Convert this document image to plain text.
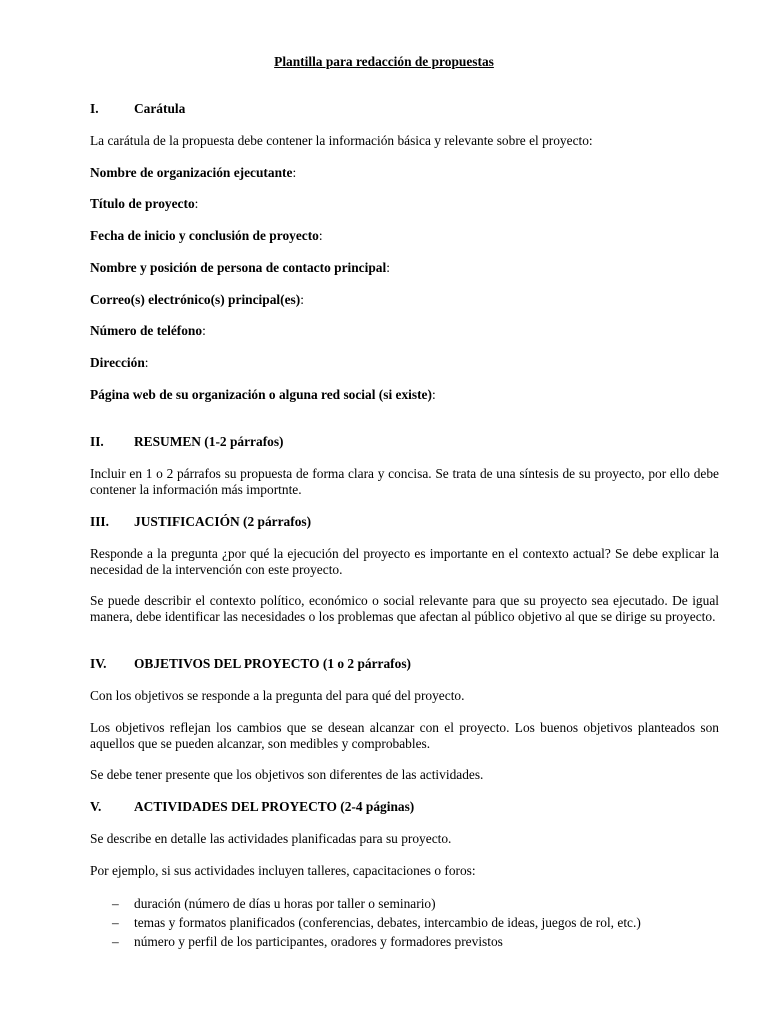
Plantilla para redacción de propuestas

I.	Carátula

La carátula de la propuesta debe contener la información básica y relevante sobre el proyecto:

Nombre de organización ejecutante:

Título de proyecto:

Fecha de inicio y conclusión de proyecto:

Nombre y posición de persona de contacto principal:

Correo(s) electrónico(s) principal(es):

Número de teléfono:

Dirección:

Página web de su organización o alguna red social (si existe):

II. RESUMEN (1-2 párrafos)

Incluir en 1 o 2 párrafos su propuesta de forma clara y concisa. Se trata de una síntesis de su proyecto, por ello debe contener la información más importnte.

III. JUSTIFICACIÓN (2 párrafos)

Responde a la pregunta ¿por qué la ejecución del proyecto es importante en el contexto actual? Se debe explicar la necesidad de la intervención con este proyecto.

Se puede describir el contexto político, económico o social relevante para que su proyecto sea ejecutado. De igual manera, debe identificar las necesidades o los problemas que afectan al público objetivo al que se dirige su proyecto.

IV. OBJETIVOS DEL PROYECTO (1 o 2 párrafos)

Con los objetivos se responde a la pregunta del para qué del proyecto.

Los objetivos reflejan los cambios que se desean alcanzar con el proyecto. Los buenos objetivos planteados son aquellos que se pueden alcanzar, son medibles y comprobables.

Se debe tener presente que los objetivos son diferentes de las actividades.

V. ACTIVIDADES DEL PROYECTO (2-4 páginas)

Se describe en detalle las actividades planificadas para su proyecto.

Por ejemplo, si sus actividades incluyen talleres, capacitaciones o foros:

– duración (número de días u horas por taller o seminario)
– temas y formatos planificados (conferencias, debates, intercambio de ideas, juegos de rol, etc.)
– número y perfil de los participantes, oradores y formadores previstos
